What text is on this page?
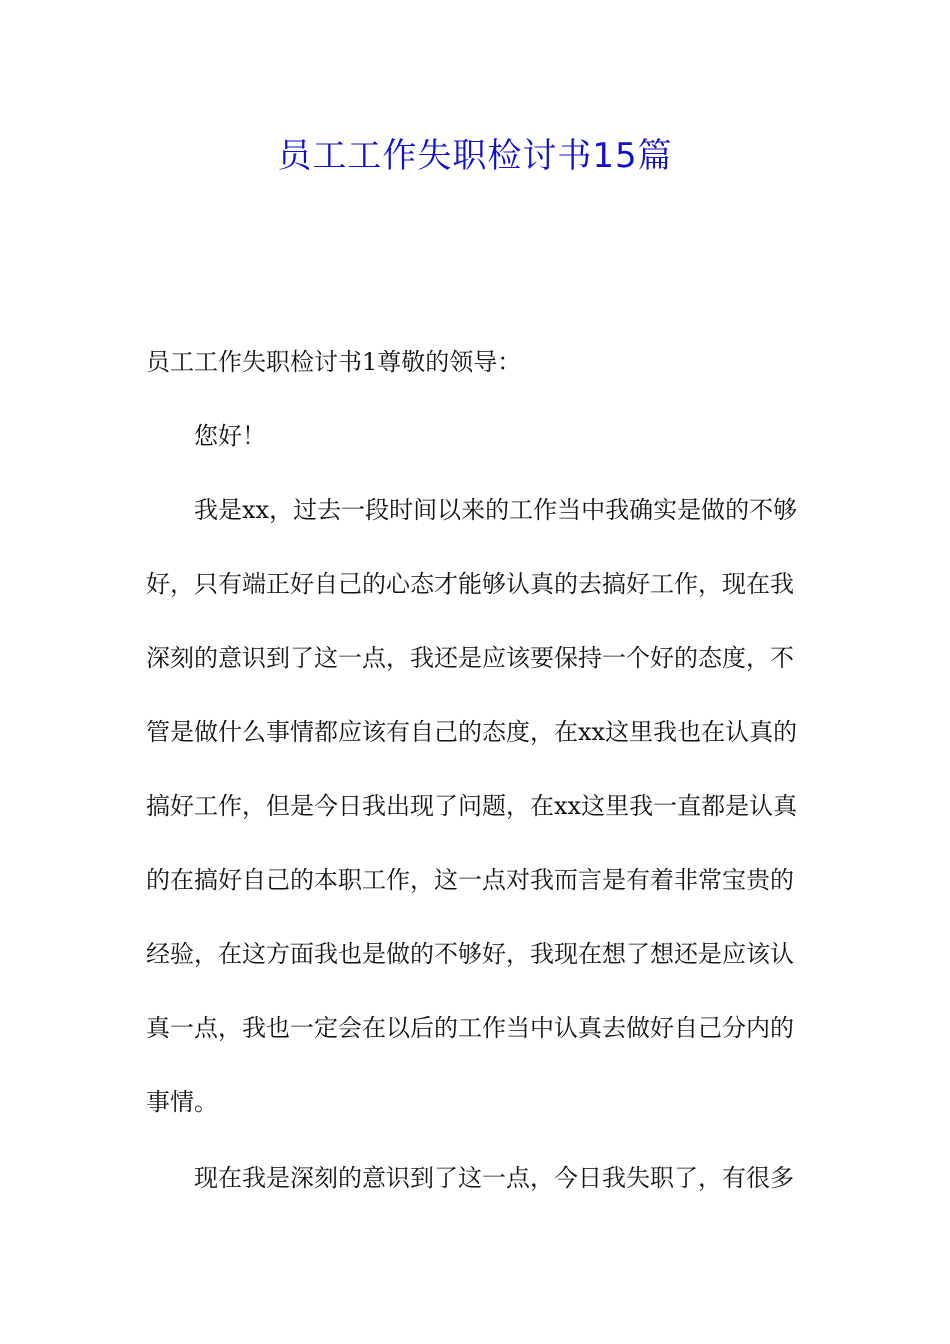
员工工作失职检讨书15篇

员工工作失职检讨书1尊敬的领导：

您好！

我是xx，过去一段时间以来的工作当中我确实是做的不够

好，只有端正好自己的心态才能够认真的去搞好工作，现在我

深刻的意识到了这一点，我还是应该要保持一个好的态度，不

管是做什么事情都应该有自己的态度，在xx这里我也在认真的

搞好工作，但是今日我出现了问题，在xx这里我一直都是认真

的在搞好自己的本职工作，这一点对我而言是有着非常宝贵的

经验，在这方面我也是做的不够好，我现在想了想还是应该认

真一点，我也一定会在以后的工作当中认真去做好自己分内的

事情。

现在我是深刻的意识到了这一点，今日我失职了，有很多
